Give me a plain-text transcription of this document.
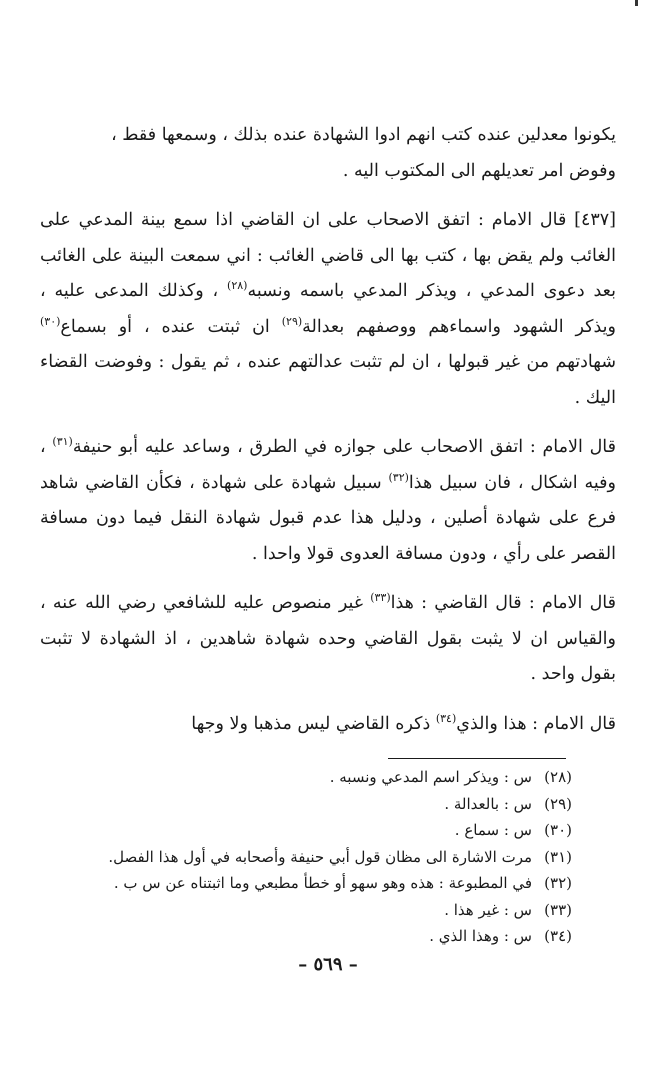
يكونوا معدلين عنده كتب انهم ادوا الشهادة عنده بذلك ، وسمعها فقط ،

وفوض امر تعديلهم الى المكتوب اليه .

[٤٣٧] قال الامام : اتفق الاصحاب على ان القاضي اذا سمع بينة المدعي على الغائب ولم يقض بها ، كتب بها الى قاضي الغائب : اني سمعت البينة على الغائب بعد دعوى المدعي ، ويذكر المدعي باسمه ونسبه$^{(٢٨)}$ ، وكذلك المدعى عليه ، ويذكر الشهود واسماءهم ووصفهم بعدالة$^{(٢٩)}$ ان ثبتت عنده ، أو بسماع$^{(٣٠)}$ شهادتهم من غير قبولها ، ان لم تثبت عدالتهم عنده ، ثم يقول : وفوضت القضاء اليك .
قال الامام : اتفق الاصحاب على جوازه في الطرق ، وساعد عليه أبو حنيفة$^{(٣١)}$ ، وفيه اشكال ، فان سبيل هذا$^{(٣٢)}$ سبيل شهادة على شهادة ، فكأن القاضي شاهد فرع على شهادة أصلين ، ودليل هذا عدم قبول شهادة النقل فيما دون مسافة القصر على رأي ، ودون مسافة العدوى قولا واحدا .
قال الامام : قال القاضي : هذا$^{(٣٣)}$ غير منصوص عليه للشافعي رضي الله عنه ، والقياس ان لا يثبت بقول القاضي وحده شهادة شاهدين ، اذ الشهادة لا تثبت بقول واحد .
قال الامام : هذا والذي$^{(٣٤)}$ ذكره القاضي ليس مذهبا ولا وجها
(٢٨)
س : ويذكر اسم المدعي ونسبه .
(٢٩)
س : بالعدالة .
(٣٠)
س : سماع .
(٣١)
مرت الاشارة الى مظان قول أبي حنيفة وأصحابه في أول هذا الفصل.
(٣٢)
في المطبوعة : هذه وهو سهو أو خطأ مطبعي وما اثبتناه عن س ب .
(٣٣)
س : غير هذا .
(٣٤)
س : وهذا الذي .
– ٥٦٩ –
